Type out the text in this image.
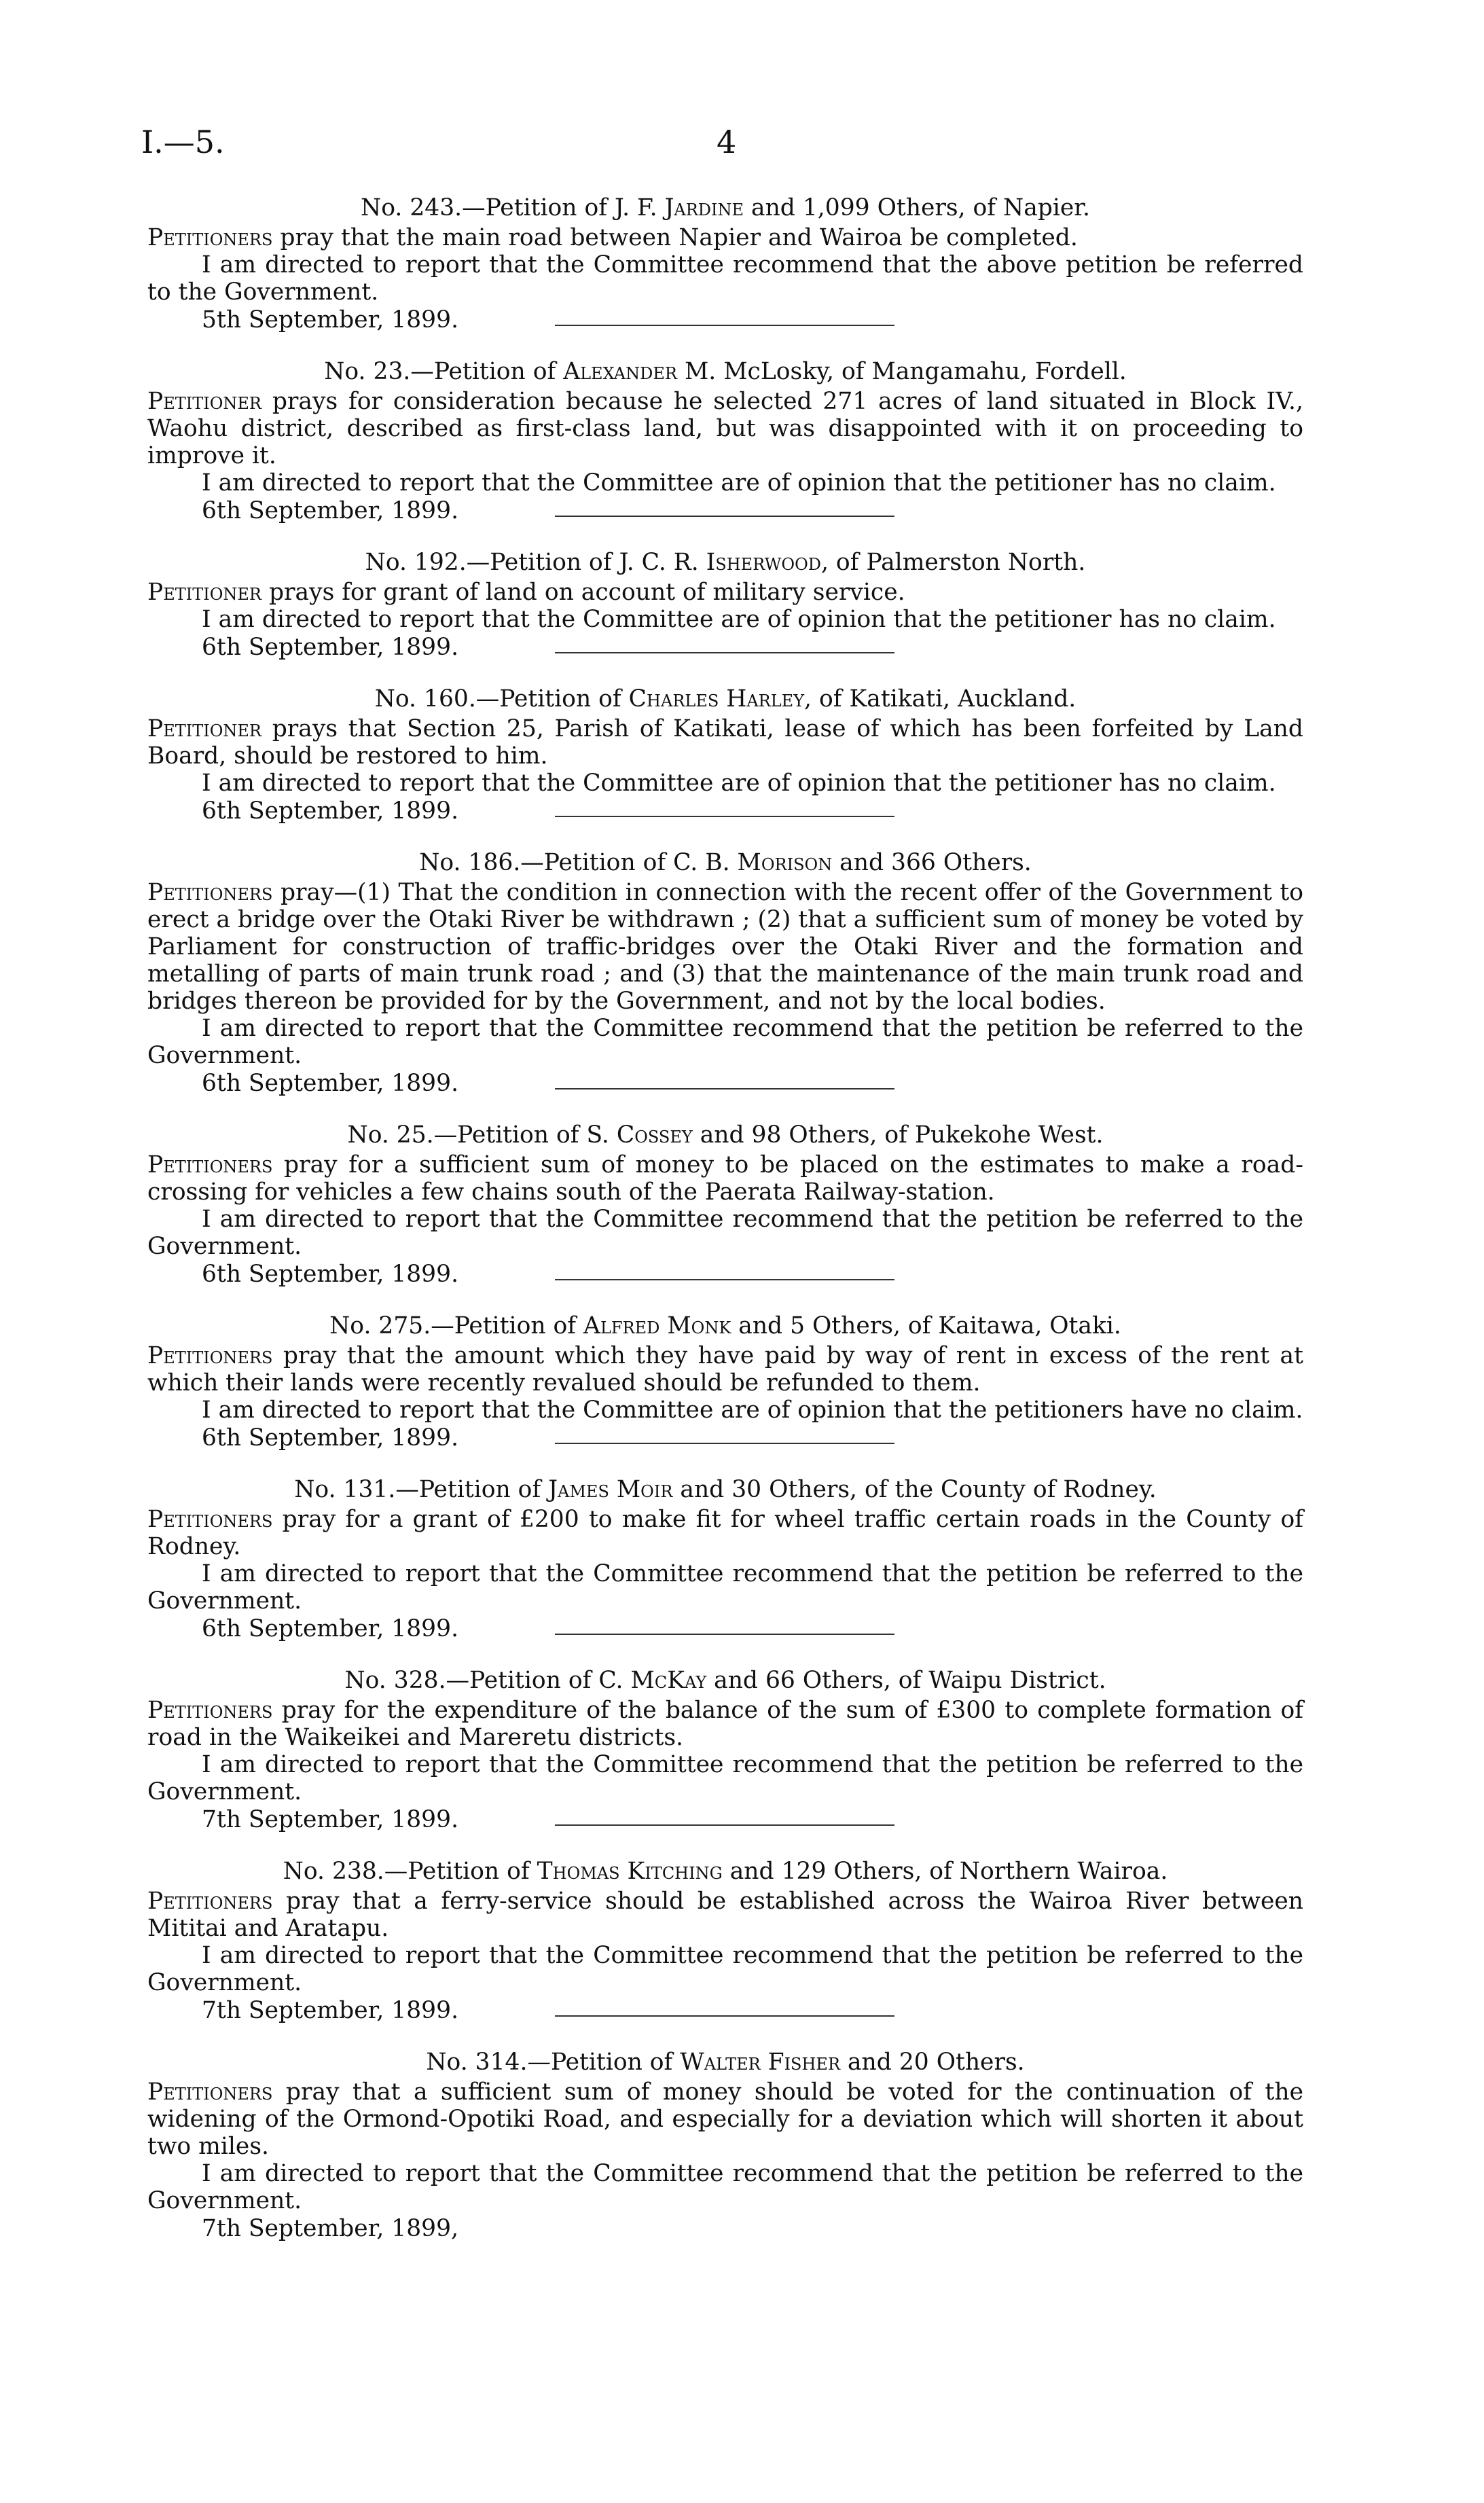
I.—5.	4
No. 243.—Petition of J. F. Jardine and 1,099 Others, of Napier.

Petitioners pray that the main road between Napier and Wairoa be completed.

I am directed to report that the Committee recommend that the above petition be referred to the Government.

5th September, 1899.
No. 23.—Petition of Alexander M. McLosky, of Mangamahu, Fordell.

Petitioner prays for consideration because he selected 271 acres of land situated in Block IV., Waohu district, described as first-class land, but was disappointed with it on proceeding to improve it.

I am directed to report that the Committee are of opinion that the petitioner has no claim.

6th September, 1899.
No. 192.—Petition of J. C. R. Isherwood, of Palmerston North.

Petitioner prays for grant of land on account of military service.

I am directed to report that the Committee are of opinion that the petitioner has no claim.

6th September, 1899.
No. 160.—Petition of Charles Harley, of Katikati, Auckland.

Petitioner prays that Section 25, Parish of Katikati, lease of which has been forfeited by Land Board, should be restored to him.

I am directed to report that the Committee are of opinion that the petitioner has no claim.

6th September, 1899.
No. 186.—Petition of C. B. Morison and 366 Others.

Petitioners pray—(1) That the condition in connection with the recent offer of the Government to erect a bridge over the Otaki River be withdrawn ; (2) that a sufficient sum of money be voted by Parliament for construction of traffic-bridges over the Otaki River and the formation and metalling of parts of main trunk road ; and (3) that the maintenance of the main trunk road and bridges thereon be provided for by the Government, and not by the local bodies.

I am directed to report that the Committee recommend that the petition be referred to the Government.

6th September, 1899.
No. 25.—Petition of S. Cossey and 98 Others, of Pukekohe West.

Petitioners pray for a sufficient sum of money to be placed on the estimates to make a road-crossing for vehicles a few chains south of the Paerata Railway-station.

I am directed to report that the Committee recommend that the petition be referred to the Government.

6th September, 1899.
No. 275.—Petition of Alfred Monk and 5 Others, of Kaitawa, Otaki.

Petitioners pray that the amount which they have paid by way of rent in excess of the rent at which their lands were recently revalued should be refunded to them.

I am directed to report that the Committee are of opinion that the petitioners have no claim.

6th September, 1899.
No. 131.—Petition of James Moir and 30 Others, of the County of Rodney.

Petitioners pray for a grant of £200 to make fit for wheel traffic certain roads in the County of Rodney.

I am directed to report that the Committee recommend that the petition be referred to the Government.

6th September, 1899.
No. 328.—Petition of C. McKay and 66 Others, of Waipu District.

Petitioners pray for the expenditure of the balance of the sum of £300 to complete formation of road in the Waikeikei and Mareretu districts.

I am directed to report that the Committee recommend that the petition be referred to the Government.

7th September, 1899.
No. 238.—Petition of Thomas Kitching and 129 Others, of Northern Wairoa.

Petitioners pray that a ferry-service should be established across the Wairoa River between Mititai and Aratapu.

I am directed to report that the Committee recommend that the petition be referred to the Government.

7th September, 1899.
No. 314.—Petition of Walter Fisher and 20 Others.

Petitioners pray that a sufficient sum of money should be voted for the continuation of the widening of the Ormond-Opotiki Road, and especially for a deviation which will shorten it about two miles.

I am directed to report that the Committee recommend that the petition be referred to the Government.

7th September, 1899,
